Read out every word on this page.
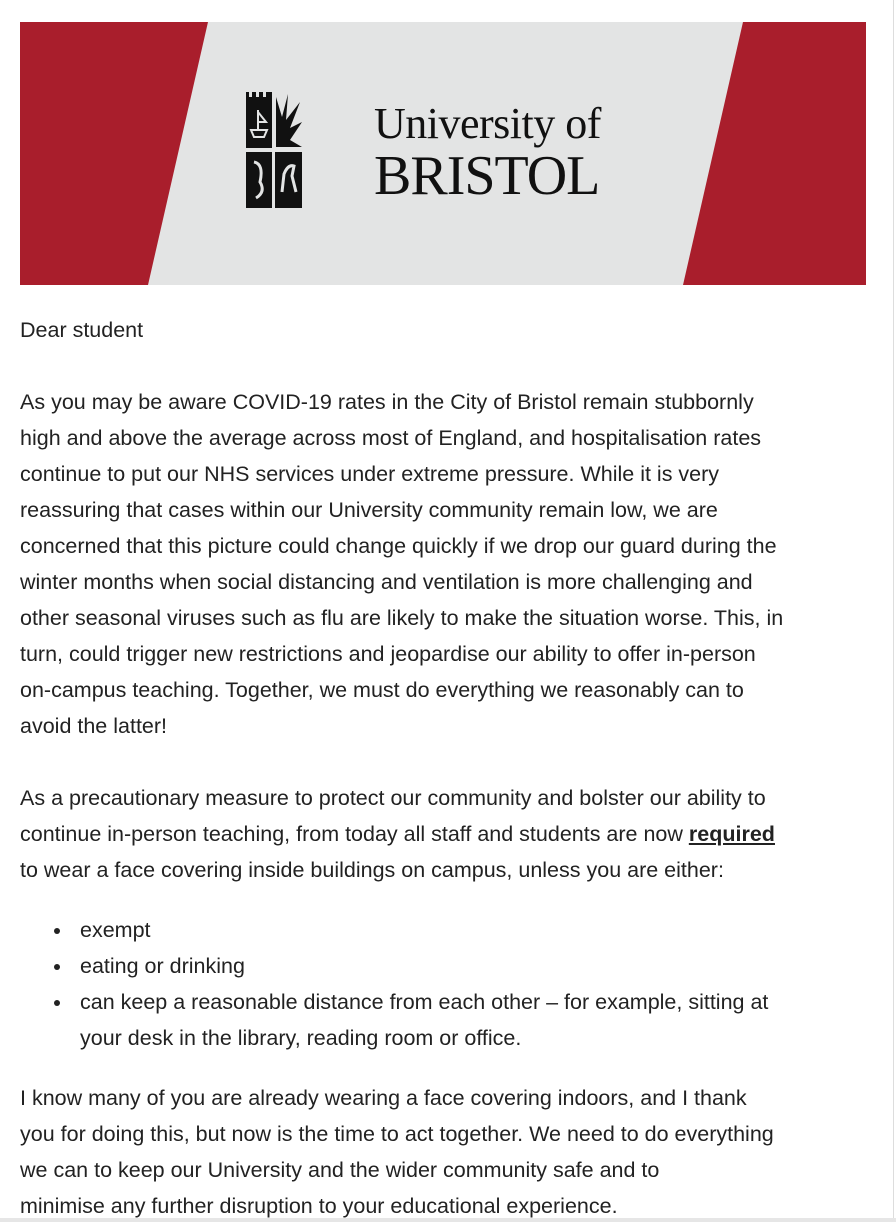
University of
BRISTOL

Dear student

As you may be aware COVID-19 rates in the City of Bristol remain stubbornly
high and above the average across most of England, and hospitalisation rates
continue to put our NHS services under extreme pressure. While it is very
reassuring that cases within our University community remain low, we are
concerned that this picture could change quickly if we drop our guard during the
winter months when social distancing and ventilation is more challenging and
other seasonal viruses such as flu are likely to make the situation worse. This, in
turn, could trigger new restrictions and jeopardise our ability to offer in-person
on-campus teaching. Together, we must do everything we reasonably can to
avoid the latter!

As a precautionary measure to protect our community and bolster our ability to
continue in-person teaching, from today all staff and students are now required
to wear a face covering inside buildings on campus, unless you are either:

exempt
eating or drinking
can keep a reasonable distance from each other – for example, sitting at
your desk in the library, reading room or office.

I know many of you are already wearing a face covering indoors, and I thank
you for doing this, but now is the time to act together. We need to do everything
we can to keep our University and the wider community safe and to
minimise any further disruption to your educational experience.
